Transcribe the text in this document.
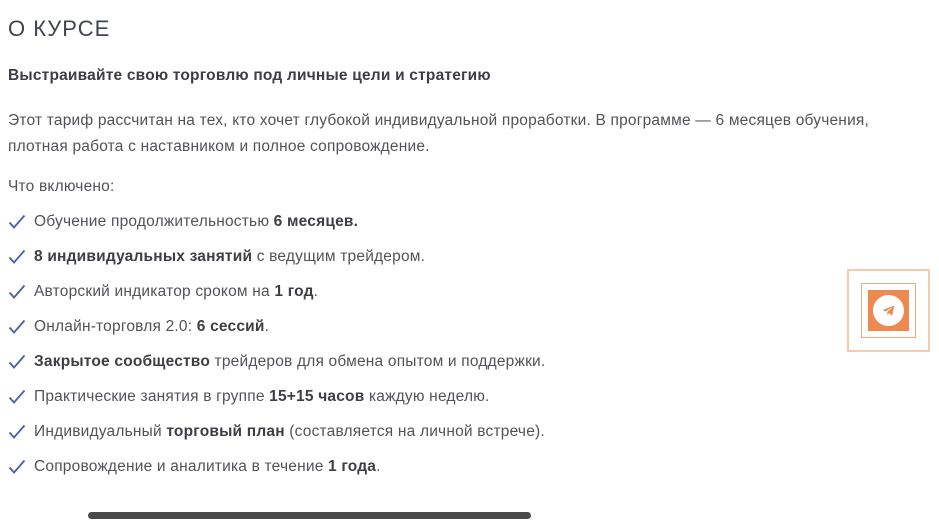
О КУРСЕ

Выстраивайте свою торговлю под личные цели и стратегию

Этот тариф рассчитан на тех, кто хочет глубокой индивидуальной проработки. В программе — 6 месяцев обучения, плотная работа с наставником и полное сопровождение.

Что включено:

Обучение продолжительностью 6 месяцев.
8 индивидуальных занятий с ведущим трейдером.
Авторский индикатор сроком на 1 год.
Онлайн-торговля 2.0: 6 сессий.
Закрытое сообщество трейдеров для обмена опытом и поддержки.
Практические занятия в группе 15+15 часов каждую неделю.
Индивидуальный торговый план (составляется на личной встрече).
Сопровождение и аналитика в течение 1 года.
